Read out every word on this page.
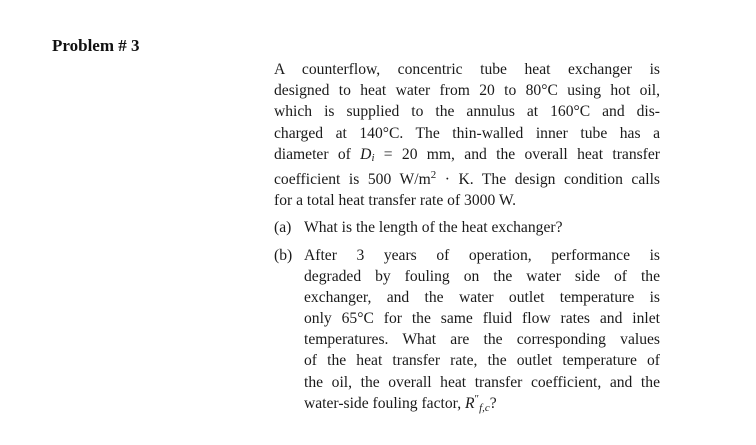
Problem # 3
A counterflow, concentric tube heat exchanger is
designed to heat water from 20 to 80°C using hot oil,
which is supplied to the annulus at 160°C and dis-
charged at 140°C. The thin-walled inner tube has a
diameter of $D_i = 20$ mm, and the overall heat transfer
coefficient is 500 $W/m^2 \cdot K$. The design condition calls
for a total heat transfer rate of 3000 W.
(a) What is the length of the heat exchanger?
(b) After 3 years of operation, performance is
degraded by fouling on the water side of the
exchanger, and the water outlet temperature is
only 65°C for the same fluid flow rates and inlet
temperatures. What are the corresponding values
of the heat transfer rate, the outlet temperature of
the oil, the overall heat transfer coefficient, and the
water-side fouling factor, $R''_{f,c}$?
